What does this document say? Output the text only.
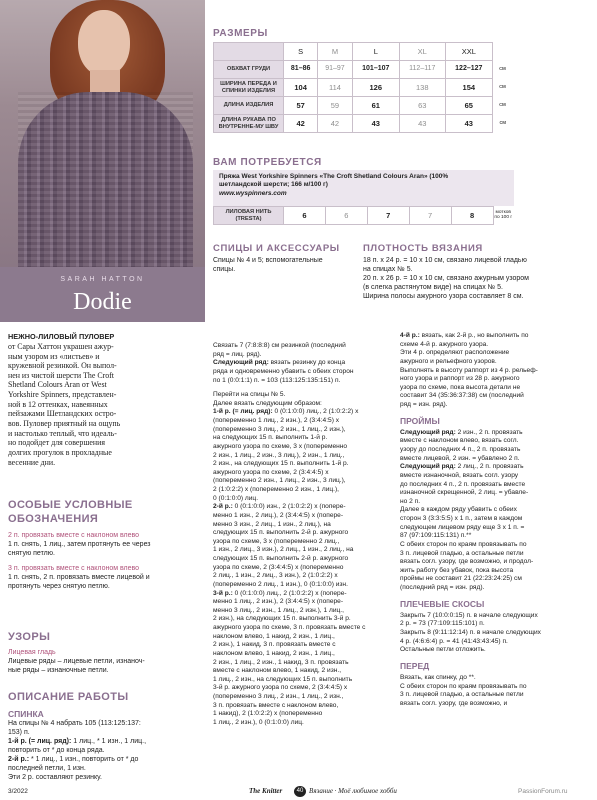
SARAH HATTON
Dodie
НЕЖНО-ЛИЛОВЫЙ ПУЛОВЕР
от Сары Хаттон украшен ажур-
ным узором из «листьев» и
кружевной резинкой. Он выпол-
нен из чистой шерсти The Croft
Shetland Colours Aran от West
Yorkshire Spinners, представлен-
ной в 12 оттенках, навеянных
пейзажами Шетландских остро-
вов. Пуловер приятный на ощупь
и настолько теплый, что идеаль-
но подойдет для совершения
долгих прогулок в прохладные
весенние дни.
ОСОБЫЕ УСЛОВНЫЕ
ОБОЗНАЧЕНИЯ
2 п. провязать вместе с наклоном влево
1 п. снять, 1 лиц., затем протянуть ее через
снятую петлю.
3 п. провязать вместе с наклоном влево
1 п. снять, 2 п. провязать вместе лицевой и
протянуть через снятую петлю.
УЗОРЫ
Лицевая гладь
Лицевые ряды – лицевые петли, изнаноч-
ные ряды – изнаночные петли.
ОПИСАНИЕ РАБОТЫ
СПИНКА
На спицы № 4 набрать 105 (113:125:137:
153) п.
1-й р. (= лиц. ряд): 1 лиц., * 1 изн., 1 лиц.,
повторить от * до конца ряда.
2-й р.: * 1 лиц., 1 изн., повторить от * до
последней петли, 1 изн.
Эти 2 р. составляют резинку.
РАЗМЕРЫ
	S	M	L	XL	XXL	
ОБХВАТ ГРУДИ	81–86	91–97	101–107	112–117	122–127	см
ШИРИНА ПЕРЕДА И СПИНКИ ИЗДЕЛИЯ	104	114	126	138	154	см
ДЛИНА ИЗДЕЛИЯ	57	59	61	63	65	см
ДЛИНА РУКАВА ПО ВНУТРЕННЕ-МУ ШВУ	42	42	43	43	43	см
ВАМ ПОТРЕБУЕТСЯ
Пряжа West Yorkshire Spinners «The Croft Shetland Colours Aran» (100%
шетландской шерсти; 166 м/100 г)
www.wyspinners.com
ЛИЛОВАЯ НИТЬ (TRESTA)	6	6	7	7	8	мотков по 100 г
СПИЦЫ И АКСЕССУАРЫ
Спицы № 4 и 5; вспомогательные
спицы.
ПЛОТНОСТЬ ВЯЗАНИЯ
18 п. х 24 р. = 10 х 10 см, связано лицевой гладью
на спицах № 5.
20 п. х 26 р. = 10 х 10 см, связано ажурным узором
(в слегка растянутом виде) на спицах № 5.
Ширина полосы ажурного узора составляет 8 см.
Связать 7 (7:8:8:8) см резинкой (последний
ряд = лиц. ряд).
Следующий ряд: вязать резинку до конца
ряда и одновременно убавить с обеих сторон
по 1 (0:0:1:1) п. = 103 (113:125:135:151) п.
Перейти на спицы № 5.
Далее вязать следующим образом:
1-й р. (= лиц. ряд): 0 (0:1:0:0) лиц., 2 (1:0:2:2) х
(попеременно 1 лиц., 2 изн.), 2 (3:4:4:5) х
(попеременно 3 лиц., 2 изн., 1 лиц., 2 изн.),
на следующих 15 п. выполнить 1-й р.
ажурного узора по схеме, 3 х (попеременно
2 изн., 1 лиц., 2 изн., 3 лиц.), 2 изн., 1 лиц.,
2 изн., на следующих 15 п. выполнить 1-й р.
ажурного узора по схеме, 2 (3:4:4:5) х
(попеременно 2 изн., 1 лиц., 2 изн., 3 лиц.),
2 (1:0:2:2) х (попеременно 2 изн., 1 лиц.),
0 (0:1:0:0) лиц.
2-й р.: 0 (0:1:0:0) изн., 2 (1:0:2:2) х (попере-
менно 1 изн., 2 лиц.), 2 (3:4:4:5) х (попере-
менно 3 изн., 2 лиц., 1 изн., 2 лиц.), на
следующих 15 п. выполнить 2-й р. ажурного
узора по схеме, 3 х (попеременно 2 лиц.,
1 изн., 2 лиц., 3 изн.), 2 лиц., 1 изн., 2 лиц., на
следующих 15 п. выполнить 2-й р. ажурного
узора по схеме, 2 (3:4:4:5) х (попеременно
2 лиц., 1 изн., 2 лиц., 3 изн.), 2 (1:0:2:2) х
(попеременно 2 лиц., 1 изн.), 0 (0:1:0:0) изн.
3-й р.: 0 (0:1:0:0) лиц., 2 (1:0:2:2) х (попере-
менно 1 лиц., 2 изн.), 2 (3:4:4:5) х (попере-
менно 3 лиц., 2 изн., 1 лиц., 2 изн.), 1 лиц.,
2 изн.), на следующих 15 п. выполнить 3-й р.
ажурного узора по схеме, 3 п. провязать вместе с
наклоном влево, 1 накид, 2 изн., 1 лиц.,
2 изн.), 1 накид, 3 п. провязать вместе с
наклоном влево, 1 накид, 2 изн., 1 лиц.,
2 изн., 1 лиц., 2 изн., 1 накид, 3 п. провязать
вместе с наклоном влево, 1 накид, 2 изн.,
1 лиц., 2 изн., на следующих 15 п. выполнить
3-й р. ажурного узора по схеме, 2 (3:4:4:5) х
(попеременно 3 лиц., 2 изн., 1 лиц., 2 изн.,
3 п. провязать вместе с наклоном влево,
1 накид), 2 (1:0:2:2) х (попеременно
1 лиц., 2 изн.), 0 (0:1:0:0) лиц.
4-й р.: вязать, как 2-й р., но выполнить по
схеме 4-й р. ажурного узора.
Эти 4 р. определяют расположение
ажурного и рельефного узоров.
Выполнять в высоту раппорт из 4 р. рельеф-
ного узора и раппорт из 28 р. ажурного
узора по схеме, пока высота детали не
составит 34 (35:36:37:38) см (последний
ряд = изн. ряд).
ПРОЙМЫ
Следующий ряд: 2 изн., 2 п. провязать
вместе с наклоном влево, вязать согл.
узору до последних 4 п., 2 п. провязать
вместе лицевой, 2 изн. = убавлено 2 п.
Следующий ряд: 2 лиц., 2 п. провязать
вместе изнаночной, вязать согл. узору
до последних 4 п., 2 п. провязать вместе
изнаночной скрещенной, 2 лиц. = убавле-
но 2 п.
Далее в каждом ряду убавить с обеих
сторон 3 (3:3:5:5) х 1 п., затем в каждом
следующем лицевом ряду еще 3 х 1 п. =
87 (97:109:115:131) п.**
С обеих сторон по краям провязывать по
3 п. лицевой гладью, а остальные петли
вязать согл. узору, где возможно, и продол-
жить работу без убавок, пока высота
проймы не составит 21 (22:23:24:25) см
(последний ряд = изн. ряд).
ПЛЕЧЕВЫЕ СКОСЫ
Закрыть 7 (10:0:0:15) п. в начале следующих
2 р. = 73 (77:109:115:101) п.
Закрыть 8 (9:11:12:14) п. в начале следующих
4 р. (4:6:6:4) р. = 41 (41:43:43:45) п.
Остальные петли отложить.
ПЕРЕД
Вязать, как спинку, до **.
С обеих сторон по краям провязывать по
3 п. лицевой гладью, а остальные петли
вязать согл. узору, где возможно, и
3/2022	The Knitter	40 Вязание · Моё любимое хобби	PassionForum.ru
